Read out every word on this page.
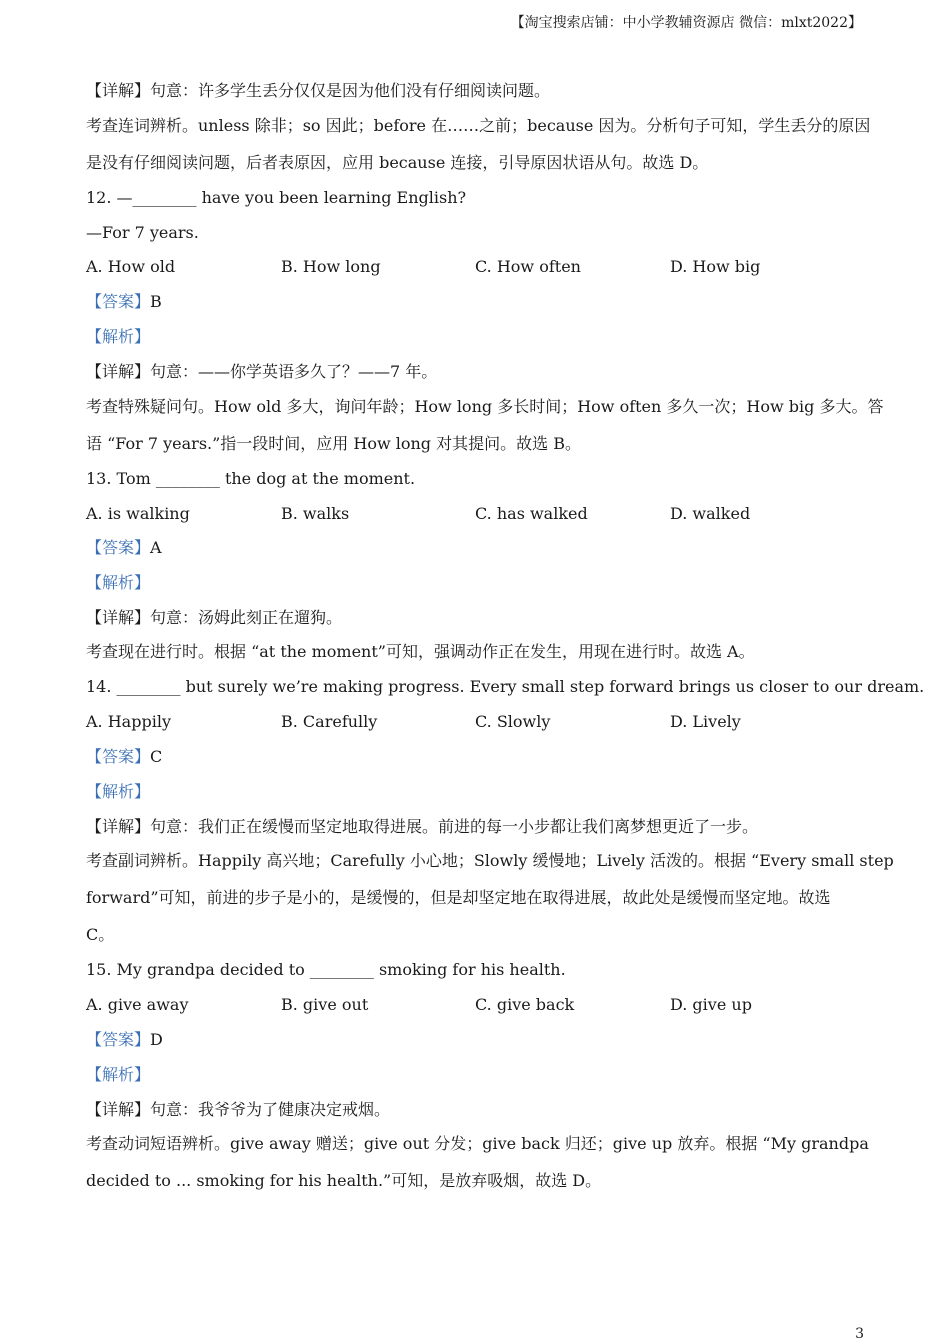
【淘宝搜索店铺：中小学教辅资源店 微信：mlxt2022】
【详解】句意：许多学生丢分仅仅是因为他们没有仔细阅读问题。
考查连词辨析。unless 除非；so 因此；before 在……之前；because 因为。分析句子可知，学生丢分的原因
是没有仔细阅读问题，后者表原因，应用 because 连接，引导原因状语从句。故选 D。
12. —________ have you been learning English?
—For 7 years.
A. How old	B. How long	C. How often	D. How big
【答案】B
【解析】
【详解】句意：——你学英语多久了？——7 年。
考查特殊疑问句。How old 多大，询问年龄；How long 多长时间；How often 多久一次；How big 多大。答
语 “For 7 years.”指一段时间，应用 How long 对其提问。故选 B。
13. Tom ________ the dog at the moment.
A. is walking	B. walks	C. has walked	D. walked
【答案】A
【解析】
【详解】句意：汤姆此刻正在遛狗。
考查现在进行时。根据 “at the moment”可知，强调动作正在发生，用现在进行时。故选 A。
14. ________ but surely we’re making progress. Every small step forward brings us closer to our dream.
A. Happily	B. Carefully	C. Slowly	D. Lively
【答案】C
【解析】
【详解】句意：我们正在缓慢而坚定地取得进展。前进的每一小步都让我们离梦想更近了一步。
考查副词辨析。Happily 高兴地；Carefully 小心地；Slowly 缓慢地；Lively 活泼的。根据 “Every small step
forward”可知，前进的步子是小的，是缓慢的，但是却坚定地在取得进展，故此处是缓慢而坚定地。故选
C。
15. My grandpa decided to ________ smoking for his health.
A. give away	B. give out	C. give back	D. give up
【答案】D
【解析】
【详解】句意：我爷爷为了健康决定戒烟。
考查动词短语辨析。give away 赠送；give out 分发；give back 归还；give up 放弃。根据 “My grandpa
decided to ... smoking for his health.”可知，是放弃吸烟，故选 D。
3
